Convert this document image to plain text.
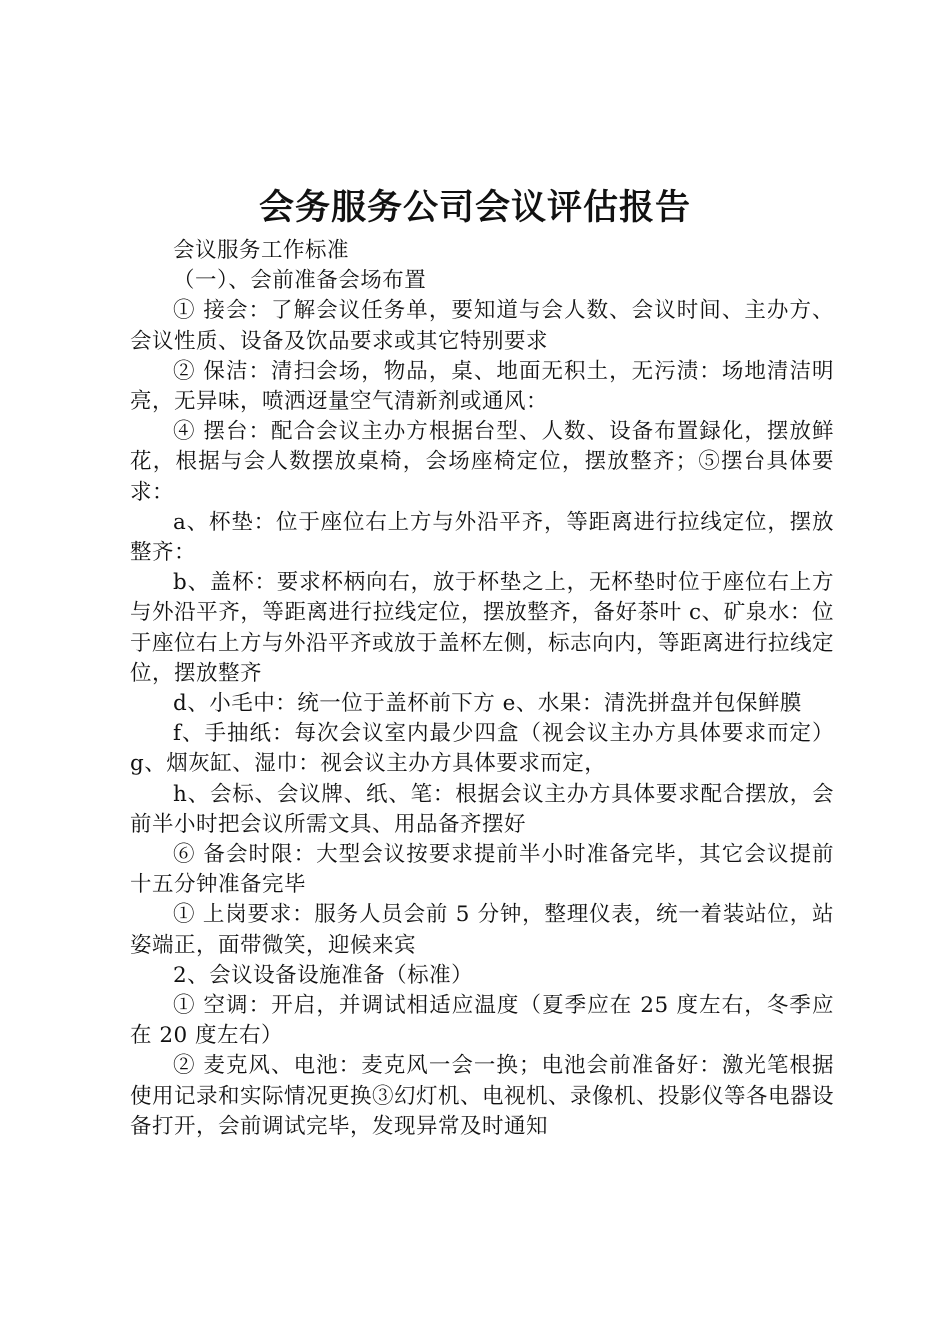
会务服务公司会议评估报告

会议服务工作标准

（一）、会前准备会场布置

① 接会：了解会议任务单，要知道与会人数、会议时间、主办方、会议性质、设备及饮品要求或其它特别要求

② 保洁：清扫会场，物品，桌、地面无积土，无污渍：场地清洁明亮，无异味，喷洒迓量空气清新剂或通风：

④ 摆台：配合会议主办方根据台型、人数、设备布置録化，摆放鲜花，根据与会人数摆放桌椅，会场座椅定位，摆放整齐；⑤摆台具体要求：

a、杯垫：位于座位右上方与外沿平齐，等距离进行拉线定位，摆放整齐：

b、盖杯：要求杯柄向右，放于杯垫之上，无杯垫时位于座位右上方与外沿平齐，等距离进行拉线定位，摆放整齐，备好茶叶 c、矿泉水：位于座位右上方与外沿平齐或放于盖杯左侧，标志向内，等距离进行拉线定位，摆放整齐

d、小毛中：统一位于盖杯前下方 e、水果：清洗拼盘并包保鲜膜

f、手抽纸：每次会议室内最少四盒（视会议主办方具体要求而定）g、烟灰缸、湿巾：视会议主办方具体要求而定，

h、会标、会议牌、纸、笔：根据会议主办方具体要求配合摆放，会前半小时把会议所需文具、用品备齐摆好

⑥ 备会时限：大型会议按要求提前半小时准备完毕，其它会议提前十五分钟准备完毕

① 上岗要求：服务人员会前 5 分钟，整理仪表，统一着装站位，站姿端正，面带微笑，迎候来宾

2、会议设备设施准备（标准）

① 空调：开启，并调试相适应温度（夏季应在 25 度左右，冬季应在 20 度左右）

② 麦克风、电池：麦克风一会一换；电池会前准备好：激光笔根据使用记录和实际情况更换③幻灯机、电视机、录像机、投影仪等各电器设备打开，会前调试完毕，发现异常及时通知
